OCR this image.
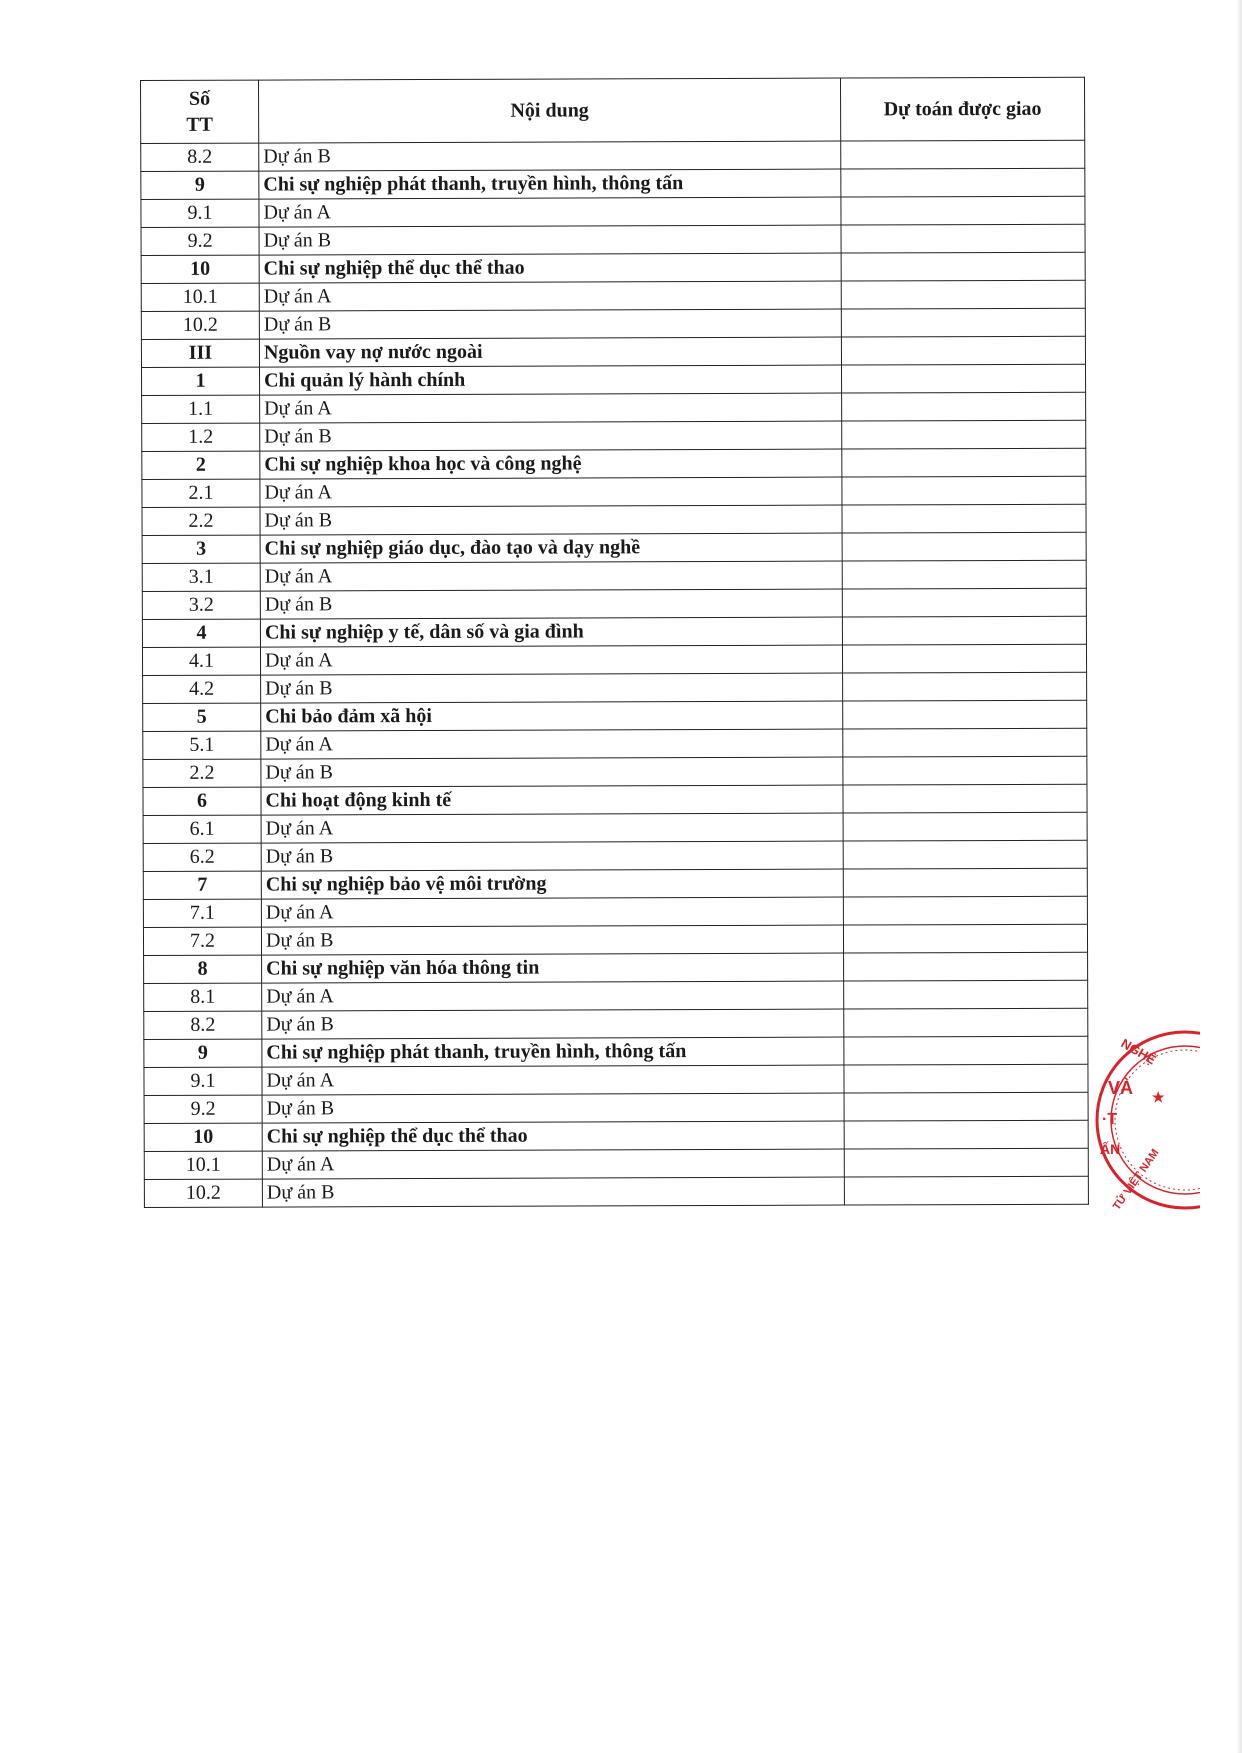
Số
TT	Nội dung	Dự toán được giao
8.2	Dự án B	
9	Chi sự nghiệp phát thanh, truyền hình, thông tấn	
9.1	Dự án A	
9.2	Dự án B	
10	Chi sự nghiệp thể dục thể thao	
10.1	Dự án A	
10.2	Dự án B	
III	Nguồn vay nợ nước ngoài	
1	Chi quản lý hành chính	
1.1	Dự án A	
1.2	Dự án B	
2	Chi sự nghiệp khoa học và công nghệ	
2.1	Dự án A	
2.2	Dự án B	
3	Chi sự nghiệp giáo dục, đào tạo và dạy nghề	
3.1	Dự án A	
3.2	Dự án B	
4	Chi sự nghiệp y tế, dân số và gia đình	
4.1	Dự án A	
4.2	Dự án B	
5	Chi bảo đảm xã hội	
5.1	Dự án A	
2.2	Dự án B	
6	Chi hoạt động kinh tế	
6.1	Dự án A	
6.2	Dự án B	
7	Chi sự nghiệp bảo vệ môi trường	
7.1	Dự án A	
7.2	Dự án B	
8	Chi sự nghiệp văn hóa thông tin	
8.1	Dự án A	
8.2	Dự án B	
9	Chi sự nghiệp phát thanh, truyền hình, thông tấn	
9.1	Dự án A	
9.2	Dự án B	
10	Chi sự nghiệp thể dục thể thao	
10.1	Dự án A	
10.2	Dự án B	
NGHỆ
VÀ
·T
ẤN
TỬ VIỆT NAM
★
